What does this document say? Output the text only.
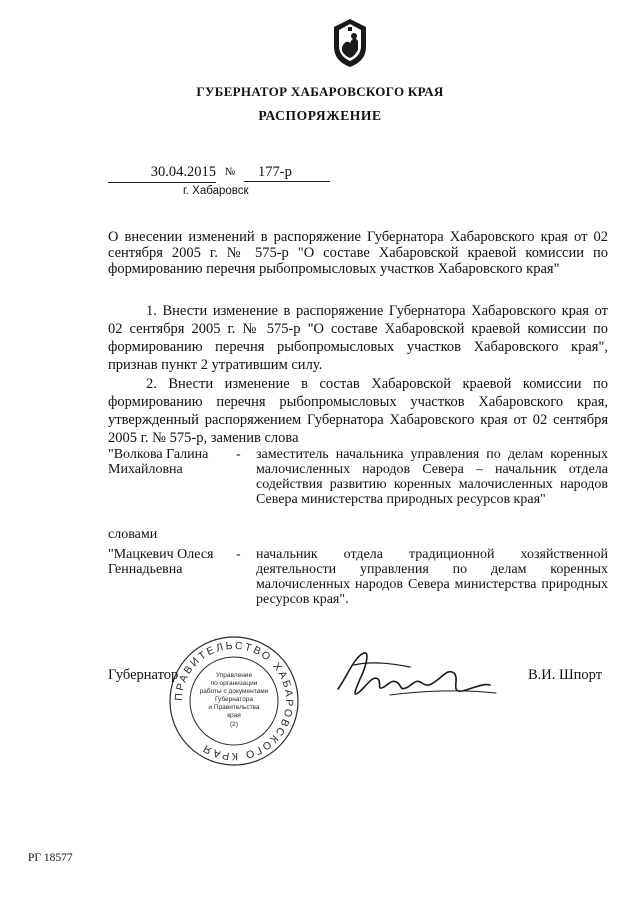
ГУБЕРНАТОР ХАБАРОВСКОГО КРАЯ
РАСПОРЯЖЕНИЕ
30.04.2015 №	177-р
г. Хабаровск
О внесении изменений в распоряжение Губернатора Хабаровского края от 02 сентября 2005 г. № 575-р "О составе Хабаровской краевой комиссии по формированию перечня рыбопромысловых участков Хабаровского края"
1. Внести изменение в распоряжение Губернатора Хабаровского края от 02 сентября 2005 г. № 575-р "О составе Хабаровской краевой комиссии по формированию перечня рыбопромысловых участков Хабаровского края", признав пункт 2 утратившим силу.
2. Внести изменение в состав Хабаровской краевой комиссии по формированию перечня рыбопромысловых участков Хабаровского края, утвержденный распоряжением Губернатора Хабаровского края от 02 сентября 2005 г. № 575-р, заменив слова
"Волкова Галина Михайловна
- заместитель начальника управления по делам коренных малочисленных народов Севера – начальник отдела содействия развитию коренных малочисленных народов Севера министерства природных ресурсов края"
словами
"Мацкевич Олеся Геннадьевна
- начальник отдела традиционной хозяйственной деятельности управления по делам коренных малочисленных народов Севера министерства природных ресурсов края".
ПРАВИТЕЛЬСТВО ХАБАРОВСКОГО КРАЯ
Управление
по организации
работы с документами
Губернатора
и Правительства
края
(2)
Губернатор	В.И. Шпорт
РГ 18577
